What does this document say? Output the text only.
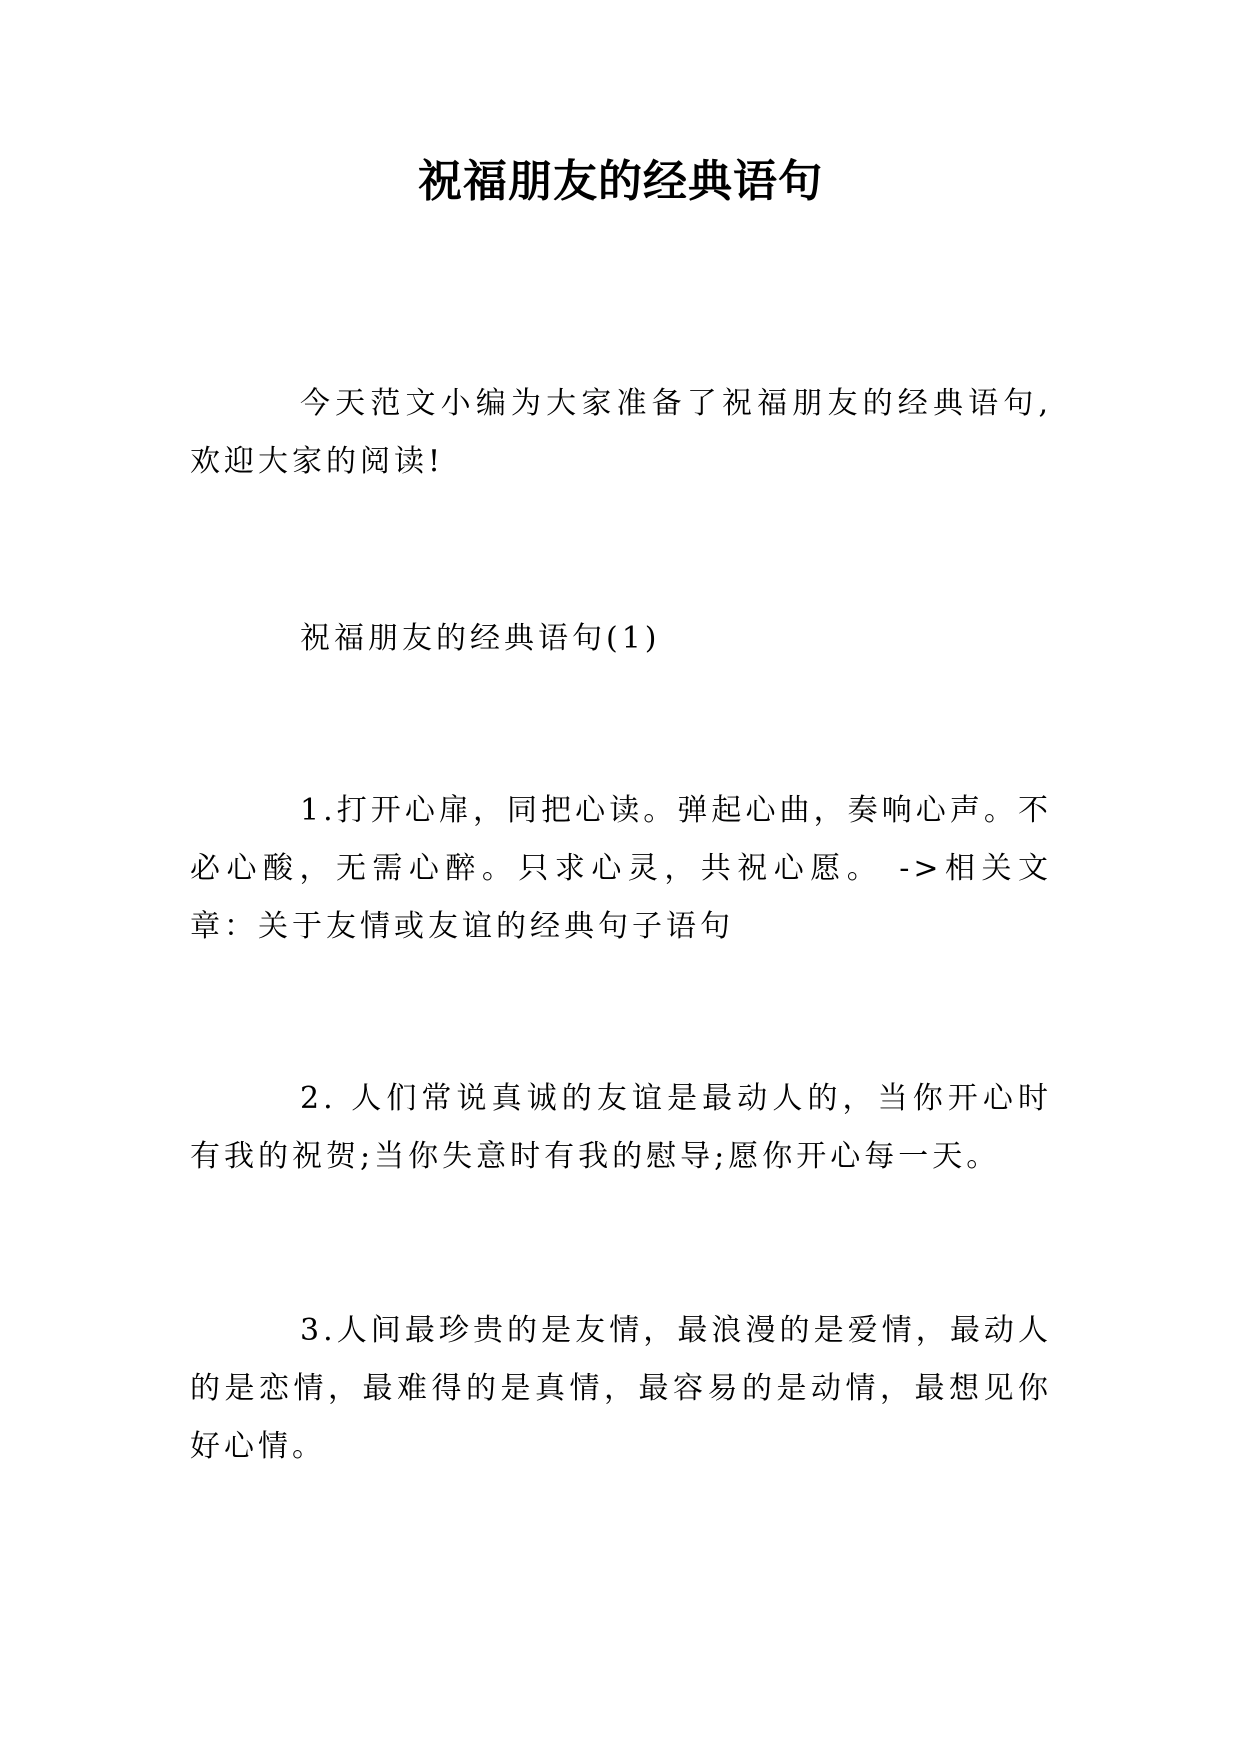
祝福朋友的经典语句

今天范文小编为大家准备了祝福朋友的经典语句,欢迎大家的阅读!

祝福朋友的经典语句(1)

1.打开心扉，同把心读。弹起心曲，奏响心声。不必心酸，无需心醉。只求心灵，共祝心愿。 ->相关文章：关于友情或友谊的经典句子语句

2. 人们常说真诚的友谊是最动人的，当你开心时有我的祝贺;当你失意时有我的慰导;愿你开心每一天。

3.人间最珍贵的是友情，最浪漫的是爱情，最动人的是恋情，最难得的是真情，最容易的是动情，最想见你好心情。
